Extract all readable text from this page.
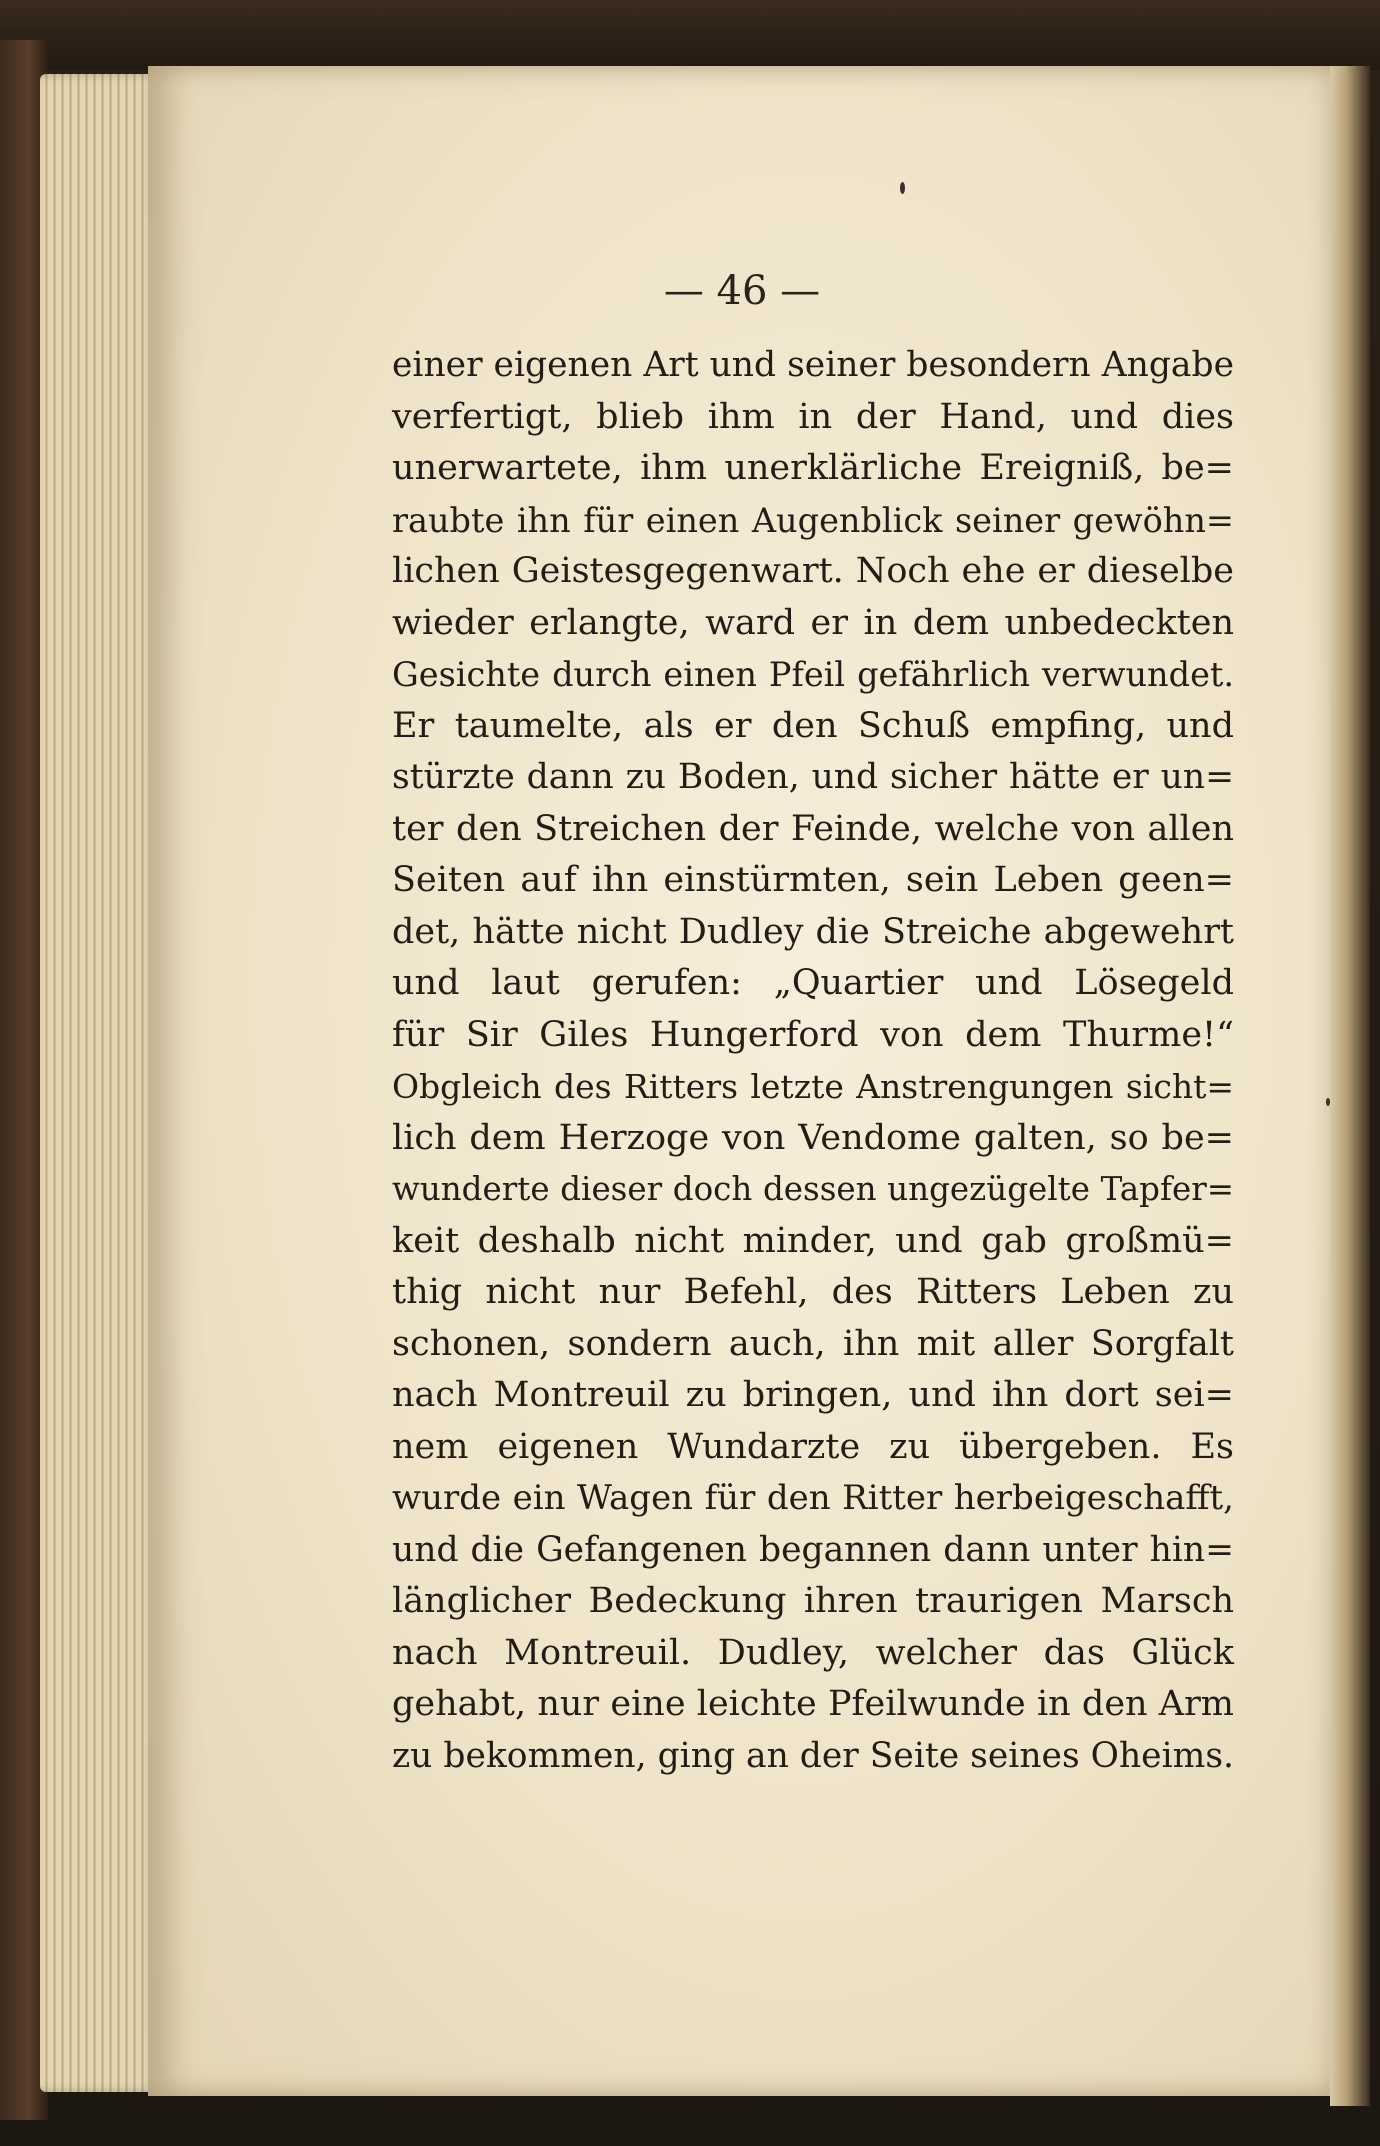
— 46 —
einer eigenen Art und seiner besondern Angabe
verfertigt, blieb ihm in der Hand, und dies
unerwartete, ihm unerklärliche Ereigniß, be=
raubte ihn für einen Augenblick seiner gewöhn=
lichen Geistesgegenwart. Noch ehe er dieselbe
wieder erlangte, ward er in dem unbedeckten
Gesichte durch einen Pfeil gefährlich verwundet.
Er taumelte, als er den Schuß empfing, und
stürzte dann zu Boden, und sicher hätte er un=
ter den Streichen der Feinde, welche von allen
Seiten auf ihn einstürmten, sein Leben geen=
det, hätte nicht Dudley die Streiche abgewehrt
und laut gerufen: „Quartier und Lösegeld
für Sir Giles Hungerford von dem Thurme!“
Obgleich des Ritters letzte Anstrengungen sicht=
lich dem Herzoge von Vendome galten, so be=
wunderte dieser doch dessen ungezügelte Tapfer=
keit deshalb nicht minder, und gab großmü=
thig nicht nur Befehl, des Ritters Leben zu
schonen, sondern auch, ihn mit aller Sorgfalt
nach Montreuil zu bringen, und ihn dort sei=
nem eigenen Wundarzte zu übergeben. Es
wurde ein Wagen für den Ritter herbeigeschafft,
und die Gefangenen begannen dann unter hin=
länglicher Bedeckung ihren traurigen Marsch
nach Montreuil. Dudley, welcher das Glück
gehabt, nur eine leichte Pfeilwunde in den Arm
zu bekommen, ging an der Seite seines Oheims.
